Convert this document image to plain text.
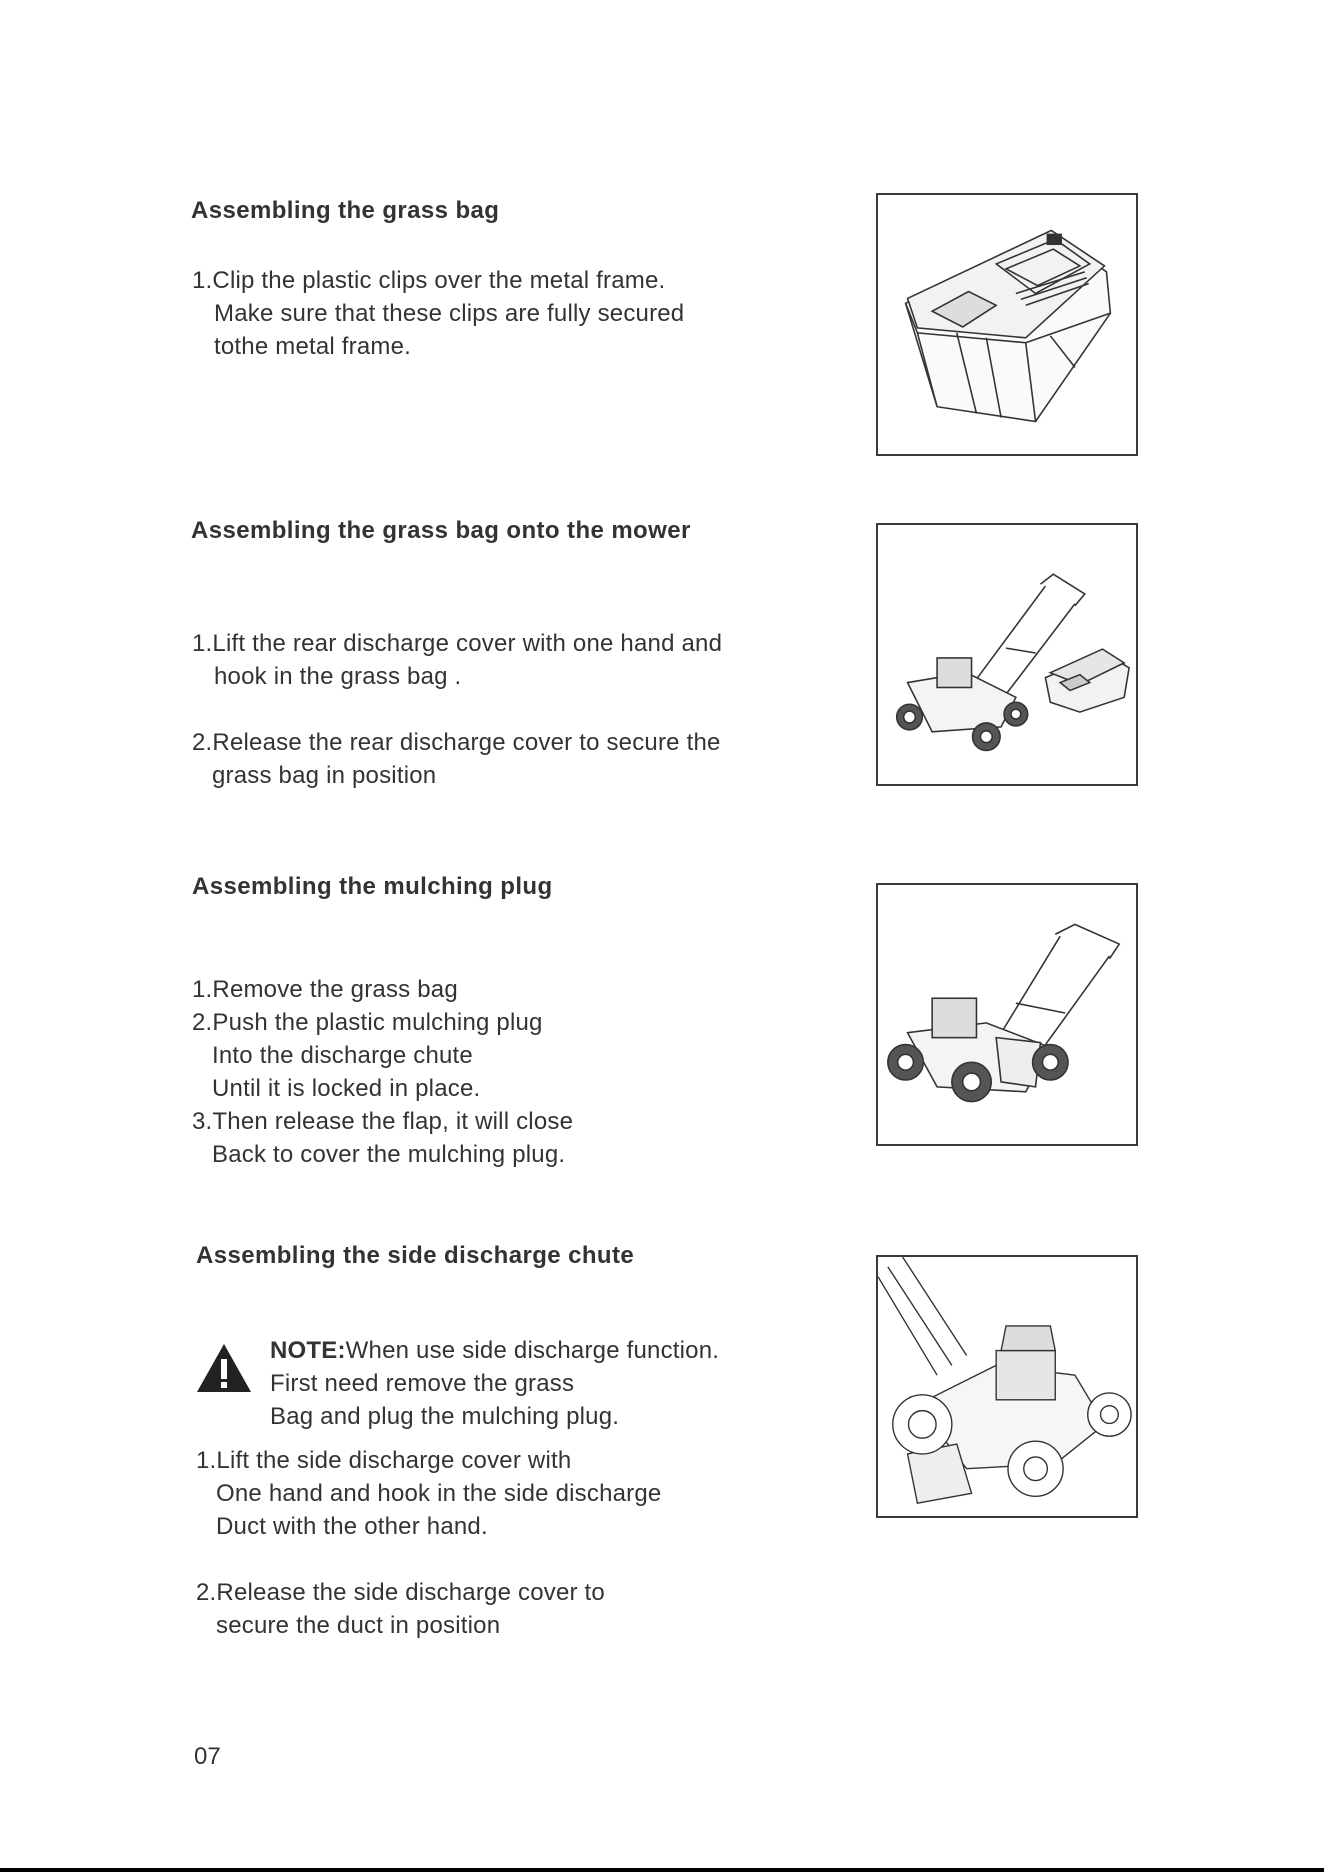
Assembling the grass bag
1.Clip the plastic clips over the metal frame.
Make sure that these clips are fully secured
tothe metal frame.
Assembling the grass bag onto the mower
1.Lift the rear discharge cover with one hand and
hook in the grass bag .
2.Release the rear discharge cover to secure the
grass bag in position
Assembling the mulching plug
1.Remove the grass bag
2.Push the plastic mulching plug
Into the discharge chute
Until it is locked in place.
3.Then release the flap, it will close
Back to cover the mulching plug.
Assembling the side discharge chute
NOTE:When use side discharge function.
First need remove the grass
Bag and plug the mulching plug.
1.Lift the side discharge cover with
One hand and hook in the side discharge
Duct with the other hand.
2.Release the side discharge cover to
secure the duct in position
07
